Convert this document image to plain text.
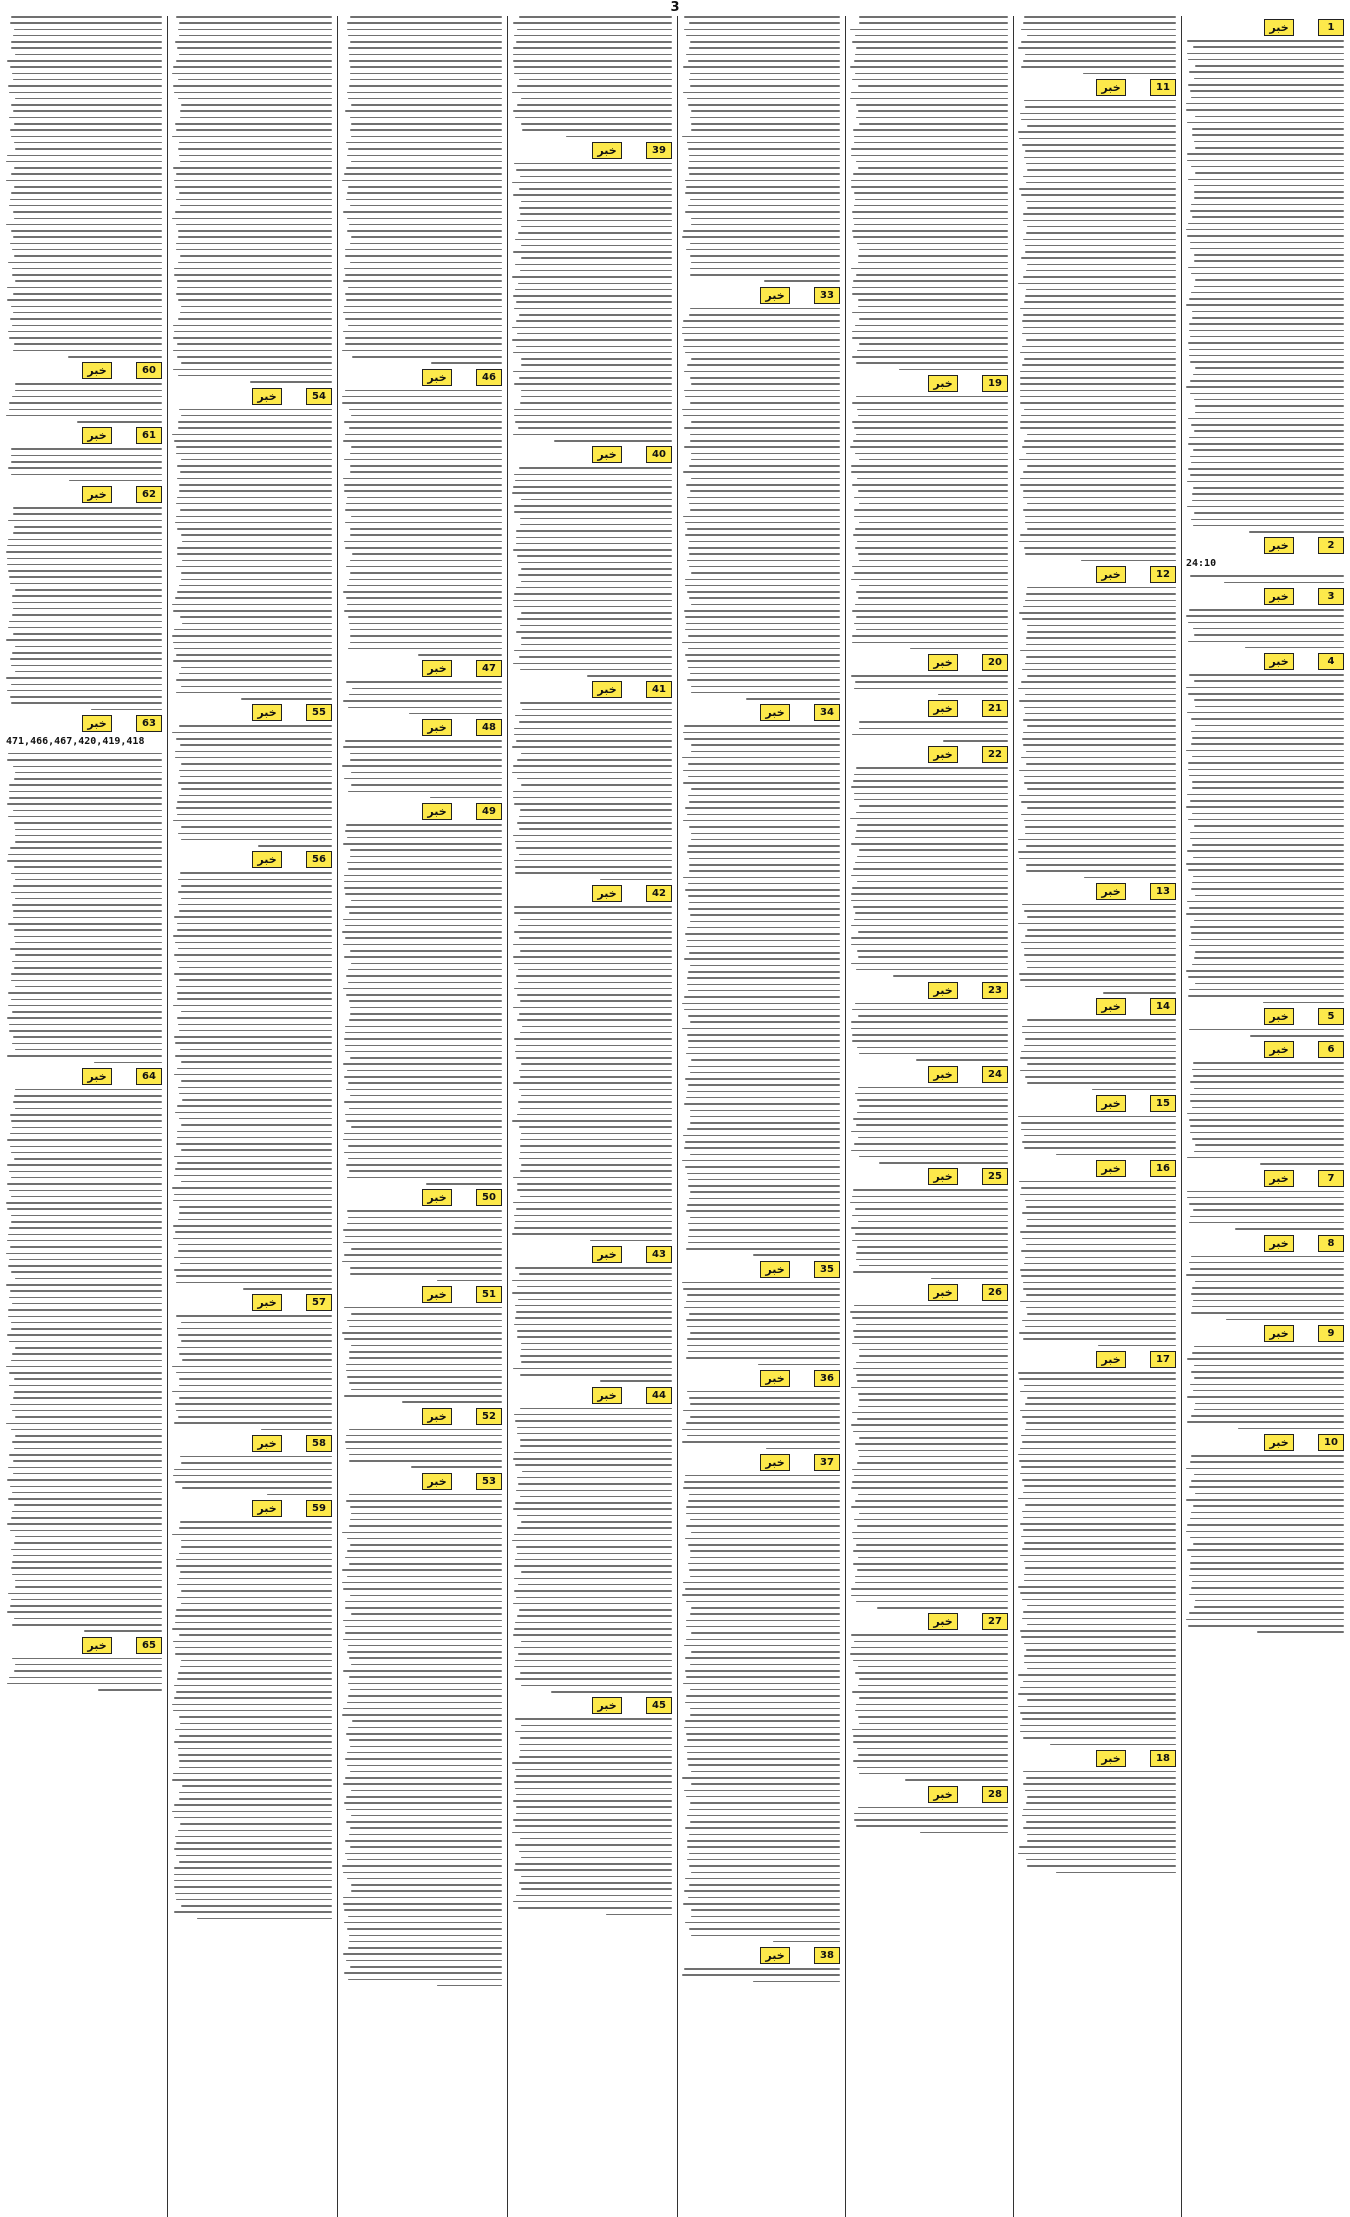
3
خبر	60
خبر	61
خبر	62
خبر	63
471,466,467,420,419,418
خبر	64
خبر	65
خبر	54
خبر	55
خبر	56
خبر	57
خبر	58
خبر	59
خبر	46
خبر	47
خبر	48
خبر	49
خبر	50
خبر	51
خبر	52
خبر	53
خبر	39
خبر	40
خبر	41
خبر	42
خبر	43
خبر	44
خبر	45
خبر	33
خبر	34
خبر	35
خبر	36
خبر	37
خبر	38
خبر	19
خبر	20
خبر	21
خبر	22
خبر	23
خبر	24
خبر	25
خبر	26
خبر	27
خبر	28
خبر	11
خبر	12
خبر	13
خبر	14
خبر	15
خبر	16
خبر	17
خبر	18
خبر	1
خبر	2
24:10
خبر	3
خبر	4
خبر	5
خبر	6
خبر	7
خبر	8
خبر	9
خبر	10
